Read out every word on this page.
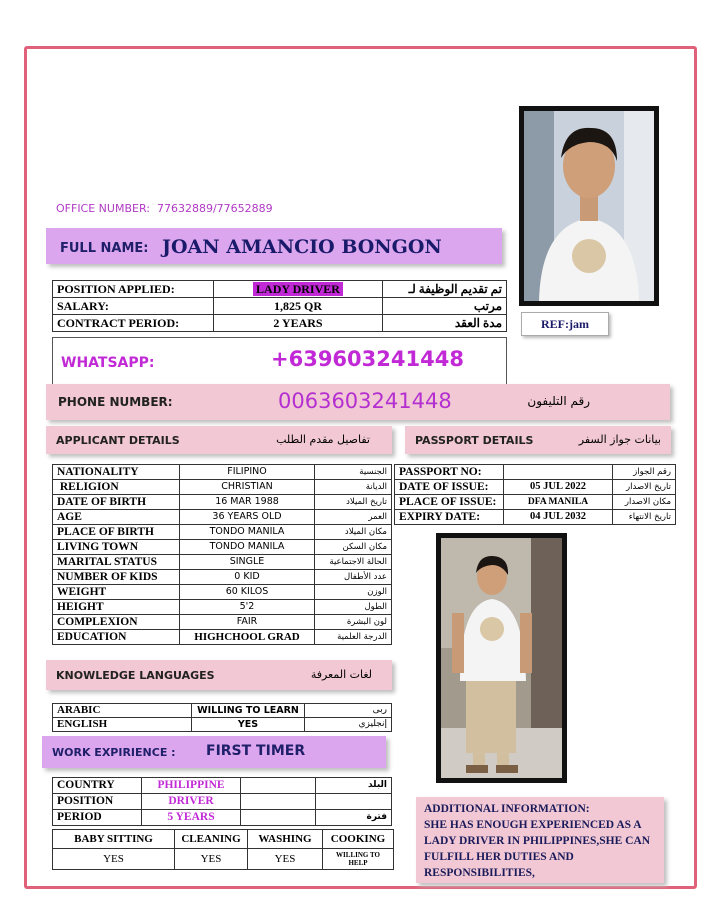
OFFICE NUMBER: 77632889/77652889
FULL NAME: JOAN AMANCIO BONGON
POSITION APPLIED:	LADY DRIVER	تم تقديم الوظيفة لـ
SALARY:	1,825 QR	مرتب
CONTRACT PERIOD:	2 YEARS	مدة العقد	REF:jam
WHATSAPP:	+639603241448
PHONE NUMBER:	0063603241448	رقم التليفون
APPLICANT DETAILS	تفاصيل مقدم الطلب	PASSPORT DETAILS	بيانات جواز السفر
NATIONALITY	FILIPINO	الجنسية
RELIGION	CHRISTIAN	الديانة
DATE OF BIRTH	16 MAR 1988	تاريخ الميلاد
AGE	36 YEARS OLD	العمر
PLACE OF BIRTH	TONDO MANILA	مكان الميلاد
LIVING TOWN	TONDO MANILA	مكان السكن
MARITAL STATUS	SINGLE	الحالة الاجتماعية
NUMBER OF KIDS	0 KID	عدد الأطفال
WEIGHT	60 KILOS	الوزن
HEIGHT	5'2	الطول
COMPLEXION	FAIR	لون البشرة
EDUCATION	HIGHCHOOL GRAD	الدرجة العلمية
PASSPORT NO:		رقم الجواز
DATE OF ISSUE:	05 JUL 2022	تاريخ الاصدار
PLACE OF ISSUE:	DFA MANILA	مكان الاصدار
EXPIRY DATE:	04 JUL 2032	تاريخ الانتهاء
KNOWLEDGE LANGUAGES	لغات المعرفة
ARABIC	WILLING TO LEARN	ربى
ENGLISH	YES	إنجليزي
WORK EXPIRIENCE : FIRST TIMER
COUNTRY	PHILIPPINE		البلد
POSITION	DRIVER		
PERIOD	5 YEARS		فترة
BABY SITTING	CLEANING	WASHING	COOKING
YES	YES	YES	WILLING TO HELP
ADDITIONAL INFORMATION:
SHE HAS ENOUGH EXPERIENCED AS A LADY DRIVER IN PHILIPPINES,SHE CAN FULFILL HER DUTIES AND RESPONSIBILITIES,
